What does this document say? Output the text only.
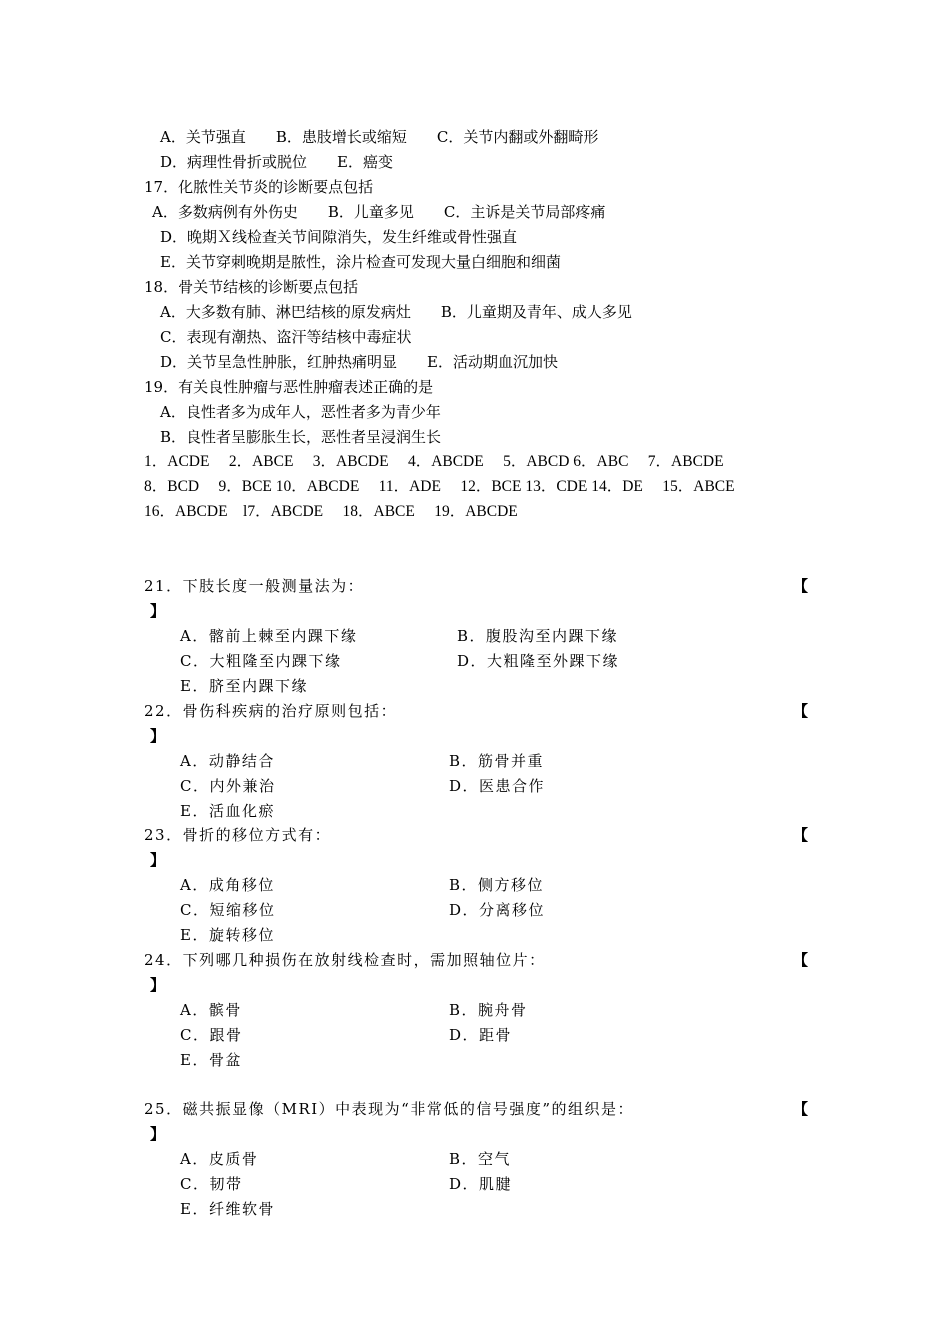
A．关节强直　　B．患肢增长或缩短　　C．关节内翻或外翻畸形
D．病理性骨折或脱位　　E．癌变
17．化脓性关节炎的诊断要点包括
A．多数病例有外伤史　　B．儿童多见　　C．主诉是关节局部疼痛
D．晚期Ｘ线检查关节间隙消失，发生纤维或骨性强直
E．关节穿刺晚期是脓性，涂片检查可发现大量白细胞和细菌
18．骨关节结核的诊断要点包括
A．大多数有肺、淋巴结核的原发病灶　　B．儿童期及青年、成人多见
C．表现有潮热、盗汗等结核中毒症状
D．关节呈急性肿胀，红肿热痛明显　　E．活动期血沉加快
19．有关良性肿瘤与恶性肿瘤表述正确的是
A．良性者多为成年人，恶性者多为青少年
B．良性者呈膨胀生长，恶性者呈浸润生长
1．ACDE　 2．ABCE　 3．ABCDE　 4．ABCDE　 5．ABCD 6．ABC　 7．ABCDE
8．BCD　 9．BCE 10．ABCDE　 11．ADE　 12．BCE 13．CDE 14．DE　 15．ABCE
16．ABCDE　l7．ABCDE　 18．ABCE　 19．ABCDE
21．下肢长度一般测量法为：	【
】
A．髂前上棘至内踝下缘	B．腹股沟至内踝下缘
C．大粗隆至内踝下缘	D．大粗隆至外踝下缘
E．脐至内踝下缘
22．骨伤科疾病的治疗原则包括：	【
】
A．动静结合	B．筋骨并重
C．内外兼治	D．医患合作
E．活血化瘀
23．骨折的移位方式有：	【
】
A．成角移位	B．侧方移位
C．短缩移位	D．分离移位
E．旋转移位
24．下列哪几种损伤在放射线检查时，需加照轴位片：	【
】
A．髌骨	B．腕舟骨
C．跟骨	D．距骨
E．骨盆
25．磁共振显像（MRI）中表现为“非常低的信号强度”的组织是：	【
】
A．皮质骨	B．空气
C．韧带	D．肌腱
E．纤维软骨
